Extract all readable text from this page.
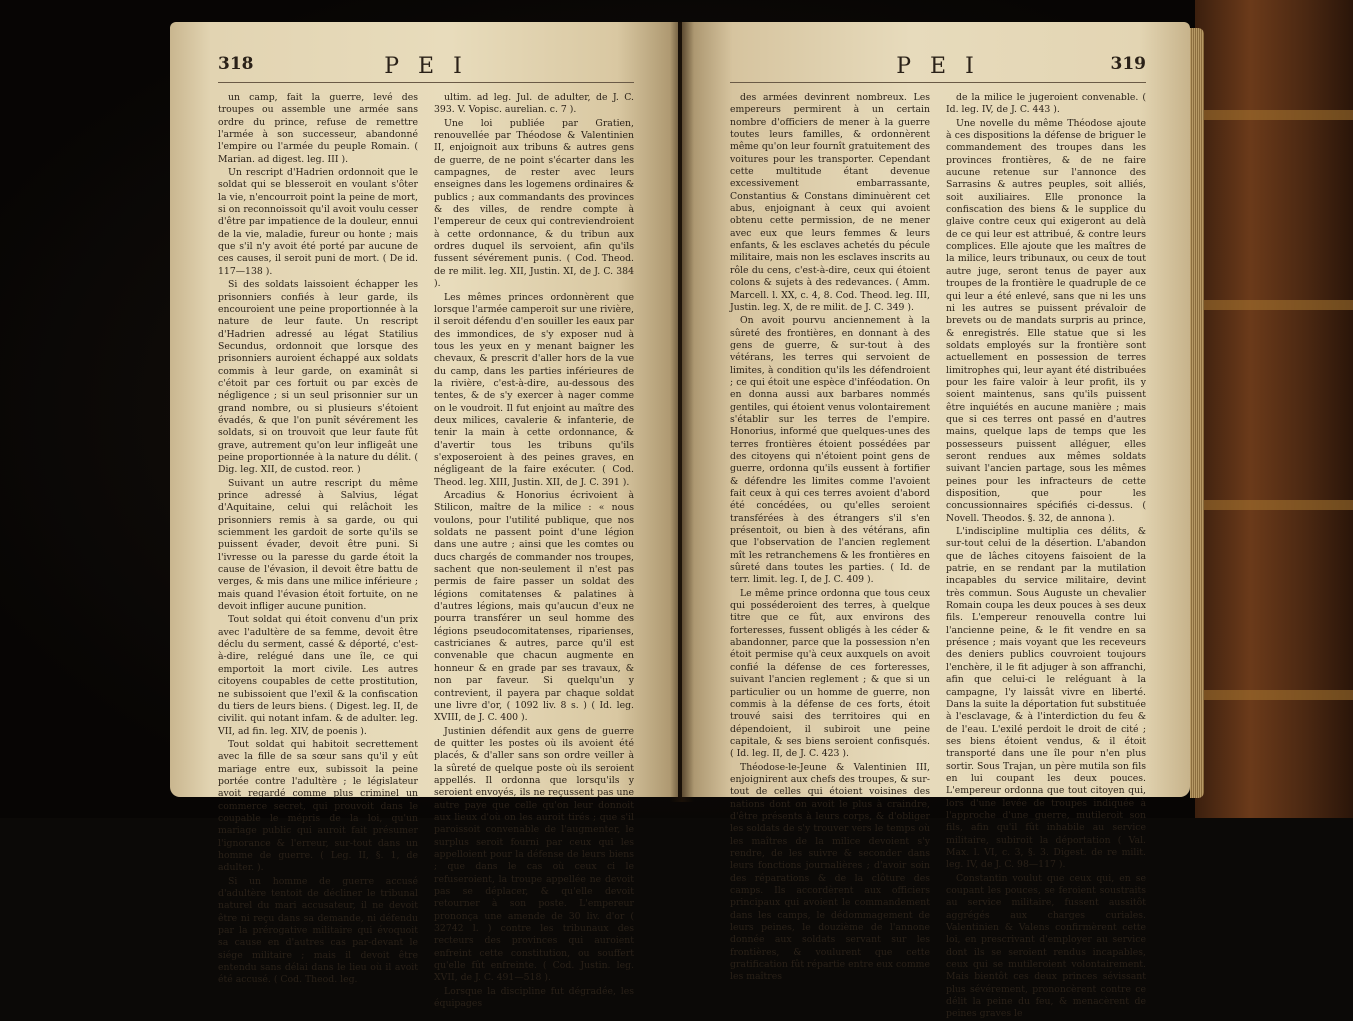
318	P E I

un camp, fait la guerre, levé des troupes ou assemble une armée sans ordre du prince, refuse de remettre l'armée à son successeur, abandonné l'empire ou l'armée du peuple Romain. ( Marian. ad digest. leg. III ).

Un rescript d'Hadrien ordonnoit que le soldat qui se blesseroit en voulant s'ôter la vie, n'encourroit point la peine de mort, si on reconnoissoit qu'il avoit voulu cesser d'être par impatience de la douleur, ennui de la vie, maladie, fureur ou honte ; mais que s'il n'y avoit été porté par aucune de ces causes, il seroit puni de mort. ( De id. 117—138 ).

Si des soldats laissoient échapper les prisonniers confiés à leur garde, ils encouroient une peine proportionnée à la nature de leur faute. Un rescript d'Hadrien adressé au légat Statilius Secundus, ordonnoit que lorsque des prisonniers auroient échappé aux soldats commis à leur garde, on examinât si c'étoit par ces fortuit ou par excès de négligence ; si un seul prisonnier sur un grand nombre, ou si plusieurs s'étoient évadés, & que l'on punît sévérement les soldats, si on trouvoit que leur faute fût grave, autrement qu'on leur infligeât une peine proportionnée à la nature du délit. ( Dig. leg. XII, de custod. reor. )

Suivant un autre rescript du même prince adressé à Salvius, légat d'Aquitaine, celui qui relâchoit les prisonniers remis à sa garde, ou qui sciemment les gardoit de sorte qu'ils se puissent évader, devoit être puni. Si l'ivresse ou la paresse du garde étoit la cause de l'évasion, il devoit être battu de verges, & mis dans une milice inférieure ; mais quand l'évasion étoit fortuite, on ne devoit infliger aucune punition.

Tout soldat qui étoit convenu d'un prix avec l'adultère de sa femme, devoit être déclu du serment, cassé & déporté, c'est-à-dire, relégué dans une île, ce qui emportoit la mort civile. Les autres citoyens coupables de cette prostitution, ne subissoient que l'exil & la confiscation du tiers de leurs biens. ( Digest. leg. II, de civilit. qui notant infam. & de adulter. leg. VII, ad fin. leg. XIV, de poenis ).

Tout soldat qui habitoit secrettement avec la fille de sa sœur sans qu'il y eût mariage entre eux, subissoit la peine portée contre l'adultère ; le législateur avoit regardé comme plus criminel un commerce secret, qui prouvoit dans le coupable le mépris de la loi, qu'un mariage public qui auroit fait présumer l'ignorance & l'erreur, sur-tout dans un homme de guerre. ( Leg. II, §. 1, de adulter. ).

Si un homme de guerre accusé d'adultère tentoit de décliner le tribunal naturel du mari accusateur, il ne devoit être ni reçu dans sa demande, ni défendu par la prérogative militaire qui évoquoit sa cause en d'autres cas par-devant le siége militaire ; mais il devoit être entendu sans délai dans le lieu où il avoit été accusé. ( Cod. Theod. leg.

ultim. ad leg. Jul. de adulter, de J. C. 393. V. Vopisc. aurelian. c. 7 ).

Une loi publiée par Gratien, renouvellée par Théodose & Valentinien II, enjoignoit aux tribuns & autres gens de guerre, de ne point s'écarter dans les campagnes, de rester avec leurs enseignes dans les logemens ordinaires & publics ; aux commandants des provinces & des villes, de rendre compte à l'empereur de ceux qui contreviendroient à cette ordonnance, & du tribun aux ordres duquel ils servoient, afin qu'ils fussent sévérement punis. ( Cod. Theod. de re milit. leg. XII, Justin. XI, de J. C. 384 ).

Les mêmes princes ordonnèrent que lorsque l'armée camperoit sur une rivière, il seroit défendu d'en souiller les eaux par des immondices, de s'y exposer nud à tous les yeux en y menant baigner les chevaux, & prescrit d'aller hors de la vue du camp, dans les parties inférieures de la rivière, c'est-à-dire, au-dessous des tentes, & de s'y exercer à nager comme on le voudroit. Il fut enjoint au maître des deux milices, cavalerie & infanterie, de tenir la main à cette ordonnance, & d'avertir tous les tribuns qu'ils s'exposeroient à des peines graves, en négligeant de la faire exécuter. ( Cod. Theod. leg. XIII, Justin. XII, de J. C. 391 ).

Arcadius & Honorius écrivoient à Stilicon, maître de la milice : « nous voulons, pour l'utilité publique, que nos soldats ne passent point d'une légion dans une autre ; ainsi que les comtes ou ducs chargés de commander nos troupes, sachent que non-seulement il n'est pas permis de faire passer un soldat des légions comitatenses & palatines à d'autres légions, mais qu'aucun d'eux ne pourra transférer un seul homme des légions pseudocomitatenses, riparienses, castricianes & autres, parce qu'il est convenable que chacun augmente en honneur & en grade par ses travaux, & non par faveur. Si quelqu'un y contrevient, il payera par chaque soldat une livre d'or, ( 1092 liv. 8 s. ) ( Id. leg. XVIII, de J. C. 400 ).

Justinien défendit aux gens de guerre de quitter les postes où ils avoient été placés, & d'aller sans son ordre veiller à la sûreté de quelque poste où ils seroient appellés. Il ordonna que lorsqu'ils y seroient envoyés, ils ne reçussent pas une autre paye que celle qu'on leur donnoit aux lieux d'où on les auroit tirés ; que s'il paroissoit convenable de l'augmenter, le surplus seroit fourni par ceux qui les appelloient pour la défense de leurs biens ; que dans le cas où ceux ci le refuseroient, la troupe appellée ne devoit pas se déplacer, & qu'elle devoit retourner à son poste. L'empereur prononça une amende de 30 liv. d'or ( 32742 l. ) contre les tribunaux des recteurs des provinces qui auroient enfreint cette constitution, ou souffert qu'elle fût enfreinte. ( Cod. Justin. leg. XVII, de J. C. 491—518 ).

Lorsque la discipline fut dégradée, les équipages

P E I	319

des armées devinrent nombreux. Les empereurs permirent à un certain nombre d'officiers de mener à la guerre toutes leurs familles, & ordonnèrent même qu'on leur fournît gratuitement des voitures pour les transporter. Cependant cette multitude étant devenue excessivement embarrassante, Constantius & Constans diminuèrent cet abus, enjoignant à ceux qui avoient obtenu cette permission, de ne mener avec eux que leurs femmes & leurs enfants, & les esclaves achetés du pécule militaire, mais non les esclaves inscrits au rôle du cens, c'est-à-dire, ceux qui étoient colons & sujets à des redevances. ( Amm. Marcell. l. XX, c. 4, 8. Cod. Theod. leg. III, Justin. leg. X, de re milit. de J. C. 349 ).

On avoit pourvu anciennement à la sûreté des frontières, en donnant à des gens de guerre, & sur-tout à des vétérans, les terres qui servoient de limites, à condition qu'ils les défendroient ; ce qui étoit une espèce d'inféodation. On en donna aussi aux barbares nommés gentiles, qui étoient venus volontairement s'établir sur les terres de l'empire. Honorius, informé que quelques-unes des terres frontières étoient possédées par des citoyens qui n'étoient point gens de guerre, ordonna qu'ils eussent à fortifier & défendre les limites comme l'avoient fait ceux à qui ces terres avoient d'abord été concédées, ou qu'elles seroient transférées à des étrangers s'il s'en présentoit, ou bien à des vétérans, afin que l'observation de l'ancien reglement mît les retranchemens & les frontières en sûreté dans toutes les parties. ( Id. de terr. limit. leg. I, de J. C. 409 ).

Le même prince ordonna que tous ceux qui posséderoient des terres, à quelque titre que ce fût, aux environs des forteresses, fussent obligés à les céder & abandonner, parce que la possession n'en étoit permise qu'à ceux auxquels on avoit confié la défense de ces forteresses, suivant l'ancien reglement ; & que si un particulier ou un homme de guerre, non commis à la défense de ces forts, étoit trouvé saisi des territoires qui en dépendoient, il subiroit une peine capitale, & ses biens seroient confisqués. ( Id. leg. II, de J. C. 423 ).

Théodose-le-Jeune & Valentinien III, enjoignirent aux chefs des troupes, & sur-tout de celles qui étoient voisines des nations dont on avoit le plus à craindre, d'être présents à leurs corps, & d'obliger les soldats de s'y trouver vers le temps où les maîtres de la milice devoient s'y rendre, de les suivre & seconder dans leurs fonctions journalières ; d'avoir soin des réparations & de la clôture des camps. Ils accordèrent aux officiers principaux qui avoient le commandement dans les camps, le dédommagement de leurs peines, le douzième de l'annone donnée aux soldats servant sur les frontières, & voulurent que cette gratification fût répartie entre eux comme les maîtres

de la milice le jugeroient convenable. ( Id. leg. IV, de J. C. 443 ).

Une novelle du même Théodose ajoute à ces dispositions la défense de briguer le commandement des troupes dans les provinces frontières, & de ne faire aucune retenue sur l'annonce des Sarrasins & autres peuples, soit alliés, soit auxiliaires. Elle prononce la confiscation des biens & le supplice du glaive contre ceux qui exigeront au delà de ce qui leur est attribué, & contre leurs complices. Elle ajoute que les maîtres de la milice, leurs tribunaux, ou ceux de tout autre juge, seront tenus de payer aux troupes de la frontière le quadruple de ce qui leur a été enlevé, sans que ni les uns ni les autres se puissent prévaloir de brevets ou de mandats surpris au prince, & enregistrés. Elle statue que si les soldats employés sur la frontière sont actuellement en possession de terres limitrophes qui, leur ayant été distribuées pour les faire valoir à leur profit, ils y soient maintenus, sans qu'ils puissent être inquiétés en aucune manière ; mais que si ces terres ont passé en d'autres mains, quelque laps de temps que les possesseurs puissent alléguer, elles seront rendues aux mêmes soldats suivant l'ancien partage, sous les mêmes peines pour les infracteurs de cette disposition, que pour les concussionnaires spécifiés ci-dessus. ( Novell. Theodos. §. 32, de annona ).

L'indiscipline multiplia ces délits, & sur-tout celui de la désertion. L'abandon que de lâches citoyens faisoient de la patrie, en se rendant par la mutilation incapables du service militaire, devint très commun. Sous Auguste un chevalier Romain coupa les deux pouces à ses deux fils. L'empereur renouvella contre lui l'ancienne peine, & le fit vendre en sa présence ; mais voyant que les receveurs des deniers publics couvroient toujours l'enchère, il le fit adjuger à son affranchi, afin que celui-ci le reléguant à la campagne, l'y laissât vivre en liberté. Dans la suite la déportation fut substituée à l'esclavage, & à l'interdiction du feu & de l'eau. L'exilé perdoit le droit de cité ; ses biens étoient vendus, & il étoit transporté dans une île pour n'en plus sortir. Sous Trajan, un père mutila son fils en lui coupant les deux pouces. L'empereur ordonna que tout citoyen qui, lors d'une levée de troupes indiquée à l'approche d'une guerre, mutileroit son fils, afin qu'il fût inhabile au service militaire, subiroit la déportation ( Val. Max. l. VI, c. 3, §. 3. Digest. de re milit. leg. IV, de J. C. 98—117 ).

Constantin voulut que ceux qui, en se coupant les pouces, se feroient soustraits au service militaire, fussent aussitôt aggrégés aux charges curiales. Valentinien & Valens confirmèrent cette loi, en prescrivant d'employer au service dont ils se seroient rendus incapables, ceux qui se mutileroient volontairement. Mais bientôt ces deux princes sévissant plus sévérement, prononcèrent contre ce délit la peine du feu, & menacèrent de peines graves le
